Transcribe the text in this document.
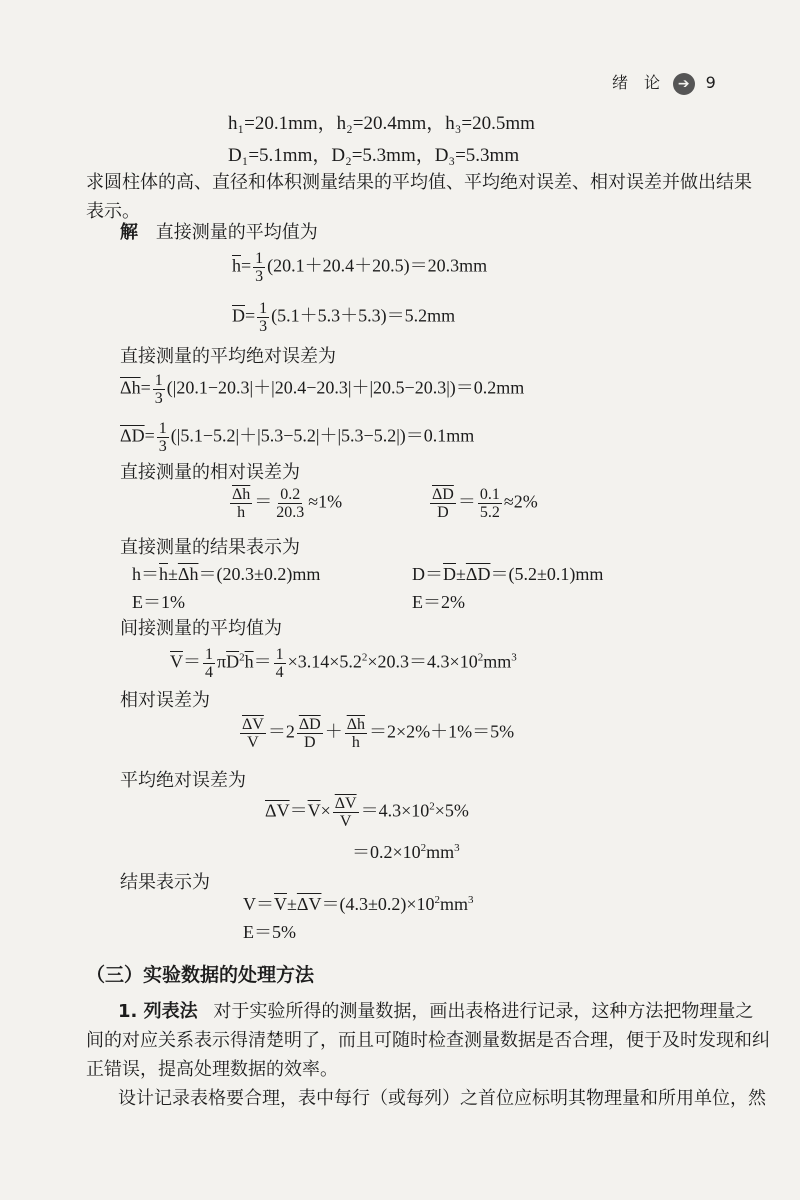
绪　论 ➔ 9
h₁=20.1mm，h₂=20.4mm，h₃=20.5mm
D₁=5.1mm，D₂=5.3mm，D₃=5.3mm
求圆柱体的高、直径和体积测量结果的平均值、平均绝对误差、相对误差并做出结果
表示。
解 直接测量的平均值为
$\overline{h}= \frac{1}{3} (20.1+20.4+20.5)=20.3mm$
$\overline{D}= \frac{1}{3} (5.1+5.3+5.3)=5.2mm$
直接测量的平均绝对误差为
$\overline{\Delta h}= \frac{1}{3} (|20.1-20.3|+|20.4-20.3|+|20.5-20.3|)=0.2mm$
$\overline{\Delta D}= \frac{1}{3} (|5.1-5.2|+|5.3-5.2|+|5.3-5.2|)=0.1mm$
直接测量的相对误差为
$\frac{\overline{\Delta h}}{h} = \frac{0.2}{20.3} \approx 1\%$	$\frac{\overline{\Delta D}}{D} = \frac{0.1}{5.2} \approx 2\%$
直接测量的结果表示为
$h=\overline{h}\pm\overline{\Delta h}=(20.3\pm 0.2)mm$	$D=\overline{D}\pm\overline{\Delta D}=(5.2\pm 0.1)mm$
E＝1%	E＝2%
间接测量的平均值为
$\overline{V}= \frac{1}{4} \pi\overline{D}^2\overline{h}= \frac{1}{4} \times 3.14\times 5.2^2\times 20.3=4.3\times 10^2mm^3$
相对误差为
$\frac{\overline{\Delta V}}{V} =2 \frac{\overline{\Delta D}}{D} + \frac{\overline{\Delta h}}{h} =2\times 2\%+1\%=5\%$
平均绝对误差为
$\overline{\Delta V}=\overline{V}\times \frac{\overline{\Delta V}}{V} =4.3\times 10^2\times 5\%$
$=0.2\times 10^2mm^3$
结果表示为
$V=\overline{V}\pm\overline{\Delta V}=(4.3\pm 0.2)\times 10^2mm^3$
E＝5%
（三）实验数据的处理方法
1. 列表法 对于实验所得的测量数据，画出表格进行记录，这种方法把物理量之
间的对应关系表示得清楚明了，而且可随时检查测量数据是否合理，便于及时发现和纠
正错误，提高处理数据的效率。
设计记录表格要合理，表中每行（或每列）之首位应标明其物理量和所用单位，然
